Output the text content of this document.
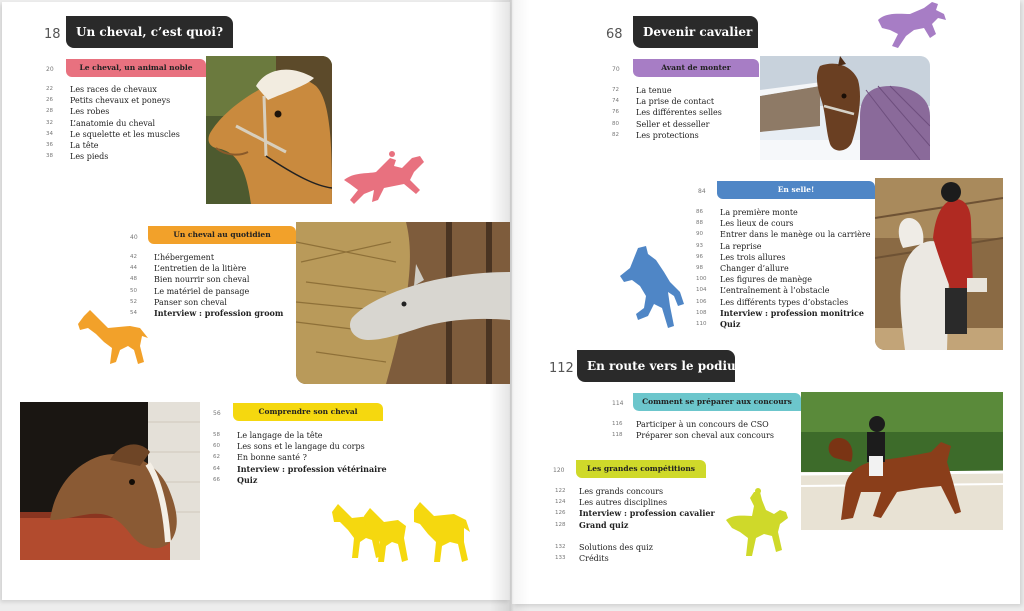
18	Un cheval, c’est quoi?
20	Le cheval, un animal noble
22 $^{Les races de chevaux}$
26 $^{Petits chevaux et poneys}$
28 $^{Les robes}$
32 $^{L’anatomie du cheval}$
34 $^{Le squelette et les muscles}$
36 $^{La tête}$
38 $^{Les pieds}$
40	Un cheval au quotidien
42 $^{L’hébergement}$
44 $^{L’entretien de la litière}$
48 $^{Bien nourrir son cheval}$
50 $^{Le matériel de pansage}$
52 $^{Panser son cheval}$
54 $^{Interview : profession groom}$
56	Comprendre son cheval
58 $^{Le langage de la tête}$
60 $^{Les sons et le langage du corps}$
62 $^{En bonne santé ?}$
64 $^{Interview : profession vétérinaire}$
66 $^{Quiz}$
68	Devenir cavalier
70	Avant de monter
72 $^{La tenue}$
74 $^{La prise de contact}$
76 $^{Les différentes selles}$
80 $^{Seller et desseller}$
82 $^{Les protections}$
84	En selle!
86 $^{La première monte}$
88 $^{Les lieux de cours}$
90 $^{Entrer dans le manège ou la carrière}$
93 $^{La reprise}$
96 $^{Les trois allures}$
98 $^{Changer d’allure}$
100 $^{Les figures de manège}$
104 $^{L’entraînement à l’obstacle}$
106 $^{Les différents types d’obstacles}$
108 $^{Interview : profession monitrice}$
110 $^{Quiz}$
112	En route vers le podium!
114	Comment se préparer aux concours
116 $^{Participer à un concours de CSO}$
118 $^{Préparer son cheval aux concours}$
120	Les grandes compétitions
122 $^{Les grands concours}$
124 $^{Les autres disciplines}$
126 $^{Interview : profession cavalier}$
128 $^{Grand quiz}$
132 $^{Solutions des quiz}$
133 $^{Crédits}$
